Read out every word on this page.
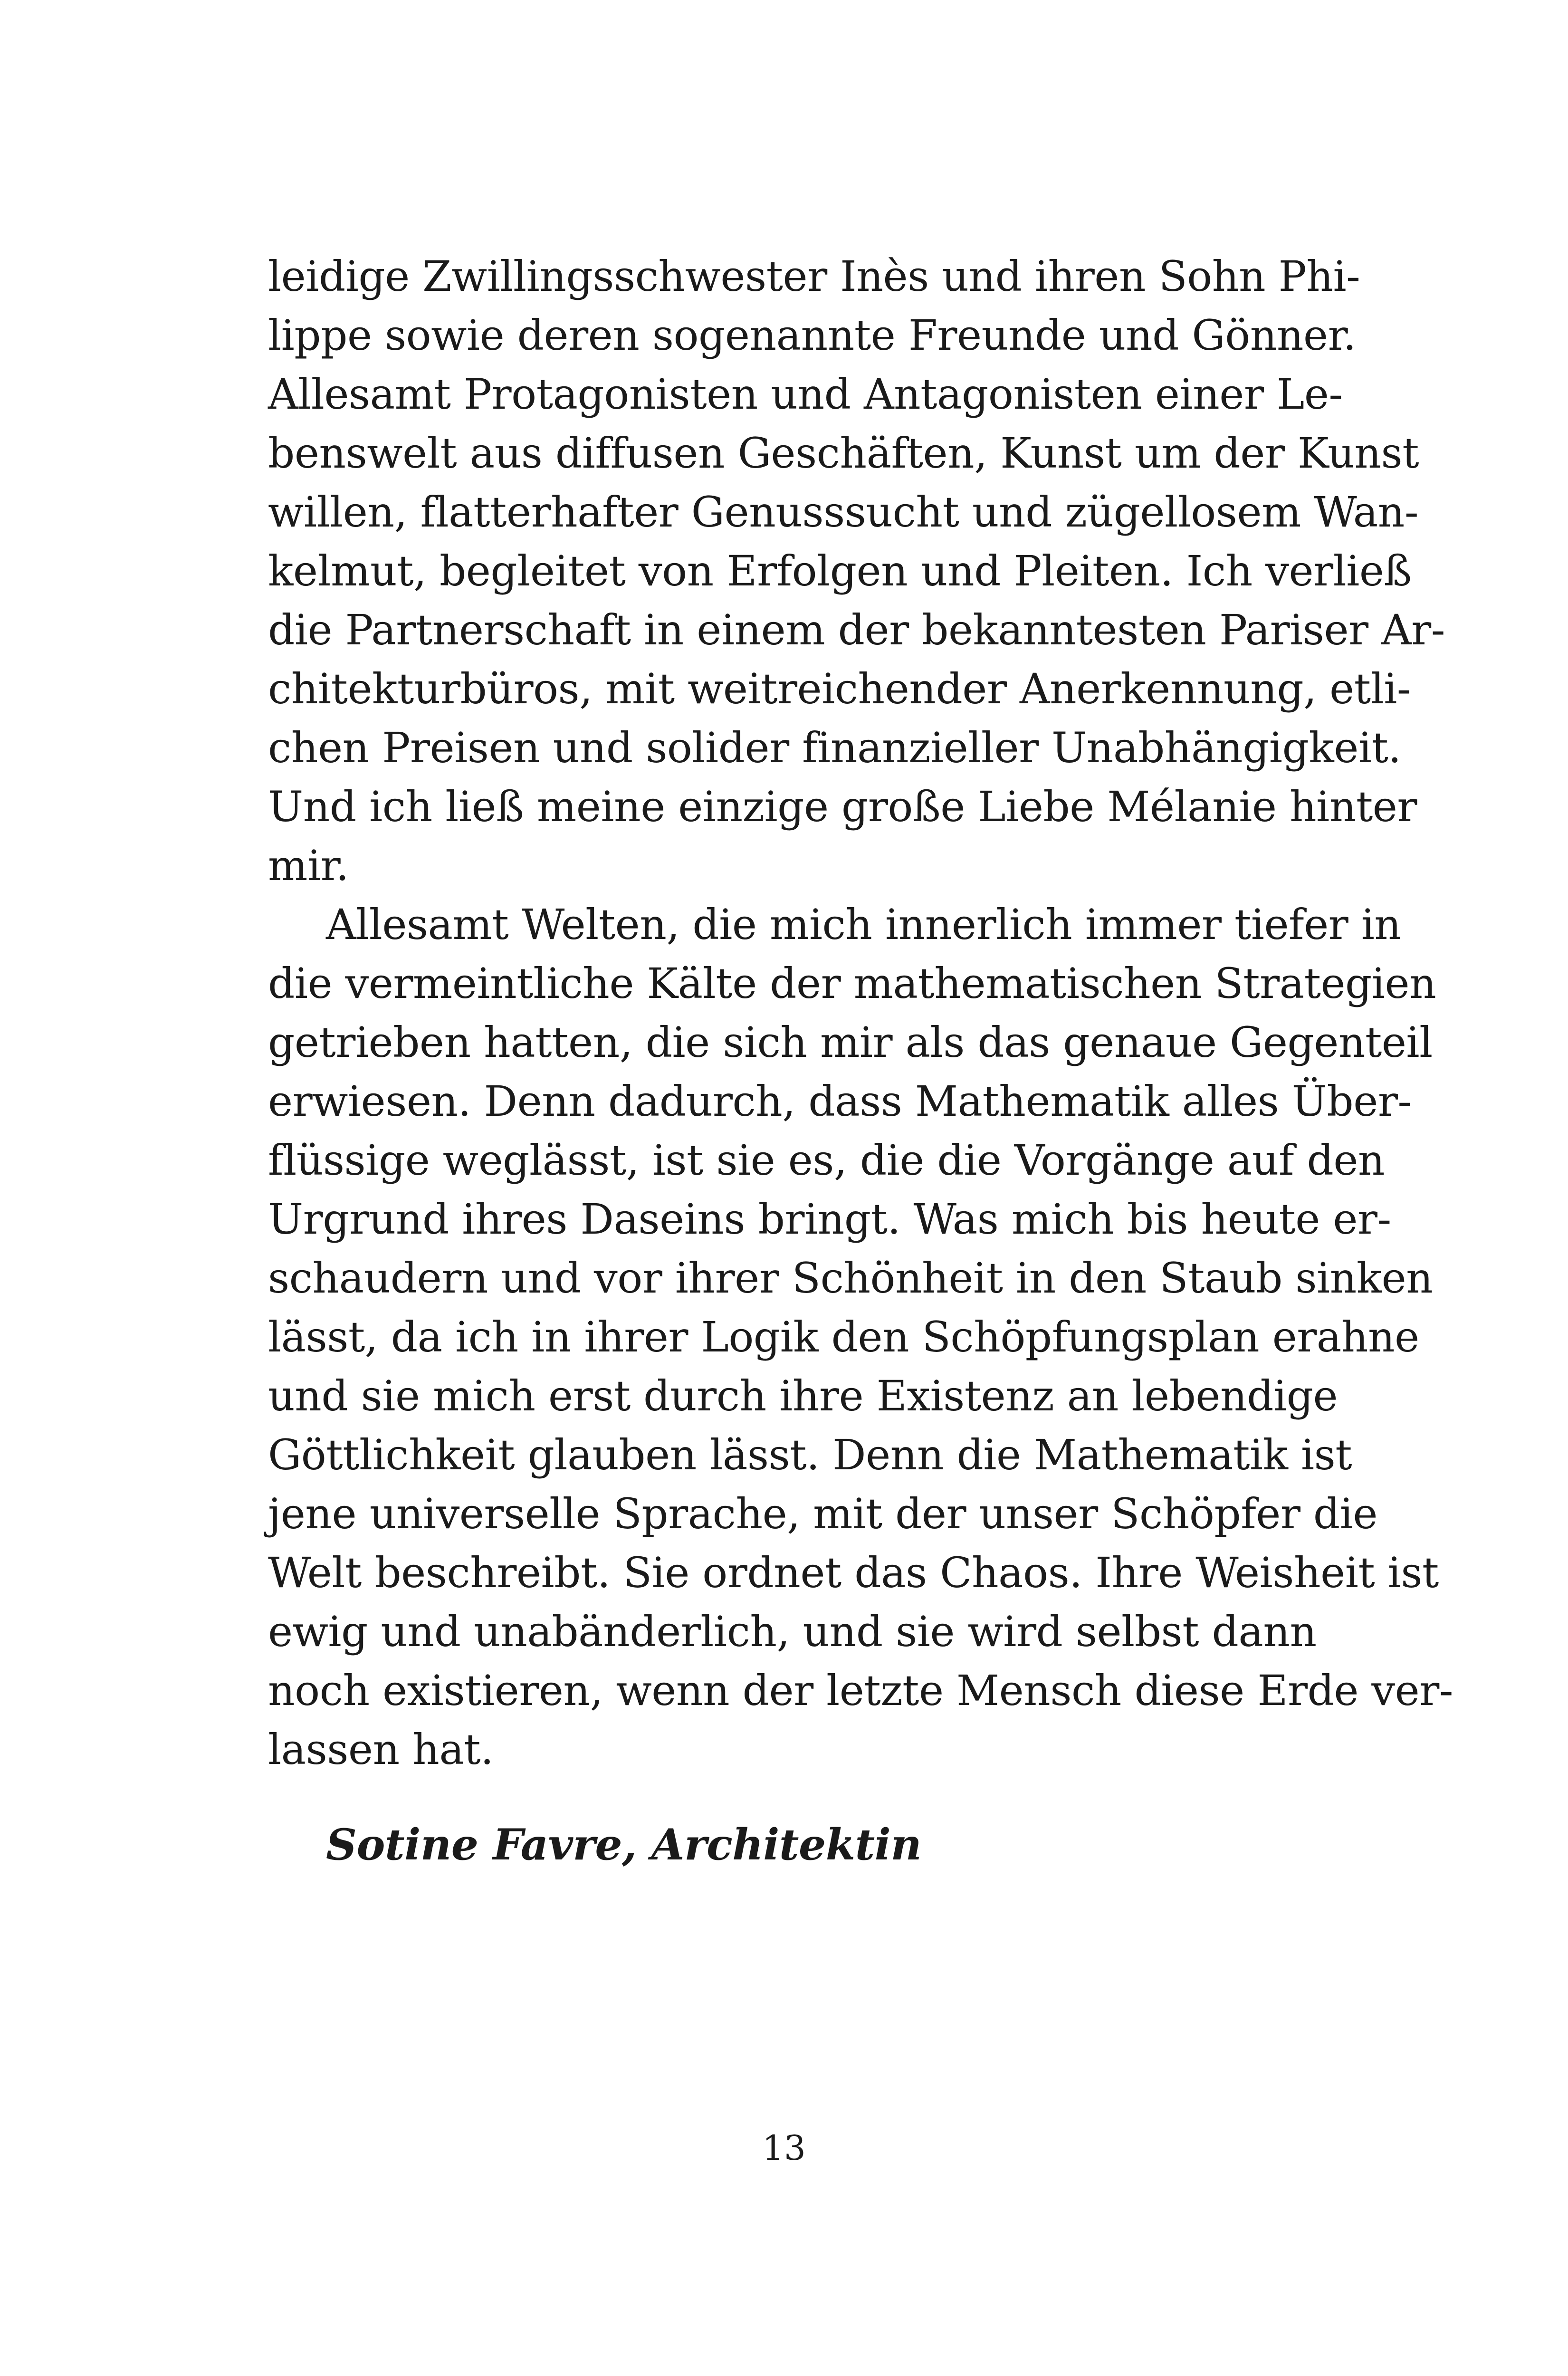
leidige Zwillingsschwester Inès und ihren Sohn Phi-
lippe sowie deren sogenannte Freunde und Gönner.
Allesamt Protagonisten und Antagonisten einer Le-
benswelt aus diffusen Geschäften, Kunst um der Kunst
willen, flatterhafter Genusssucht und zügellosem Wan-
kelmut, begleitet von Erfolgen und Pleiten. Ich verließ
die Partnerschaft in einem der bekanntesten Pariser Ar-
chitekturbüros, mit weitreichender Anerkennung, etli-
chen Preisen und solider finanzieller Unabhängigkeit.
Und ich ließ meine einzige große Liebe Mélanie hinter
mir.
Allesamt Welten, die mich innerlich immer tiefer in
die vermeintliche Kälte der mathematischen Strategien
getrieben hatten, die sich mir als das genaue Gegenteil
erwiesen. Denn dadurch, dass Mathematik alles Über-
flüssige weglässt, ist sie es, die die Vorgänge auf den
Urgrund ihres Daseins bringt. Was mich bis heute er-
schaudern und vor ihrer Schönheit in den Staub sinken
lässt, da ich in ihrer Logik den Schöpfungsplan erahne
und sie mich erst durch ihre Existenz an lebendige
Göttlichkeit glauben lässt. Denn die Mathematik ist
jene universelle Sprache, mit der unser Schöpfer die
Welt beschreibt. Sie ordnet das Chaos. Ihre Weisheit ist
ewig und unabänderlich, und sie wird selbst dann
noch existieren, wenn der letzte Mensch diese Erde ver-
lassen hat.
Sotine Favre, Architektin
13
